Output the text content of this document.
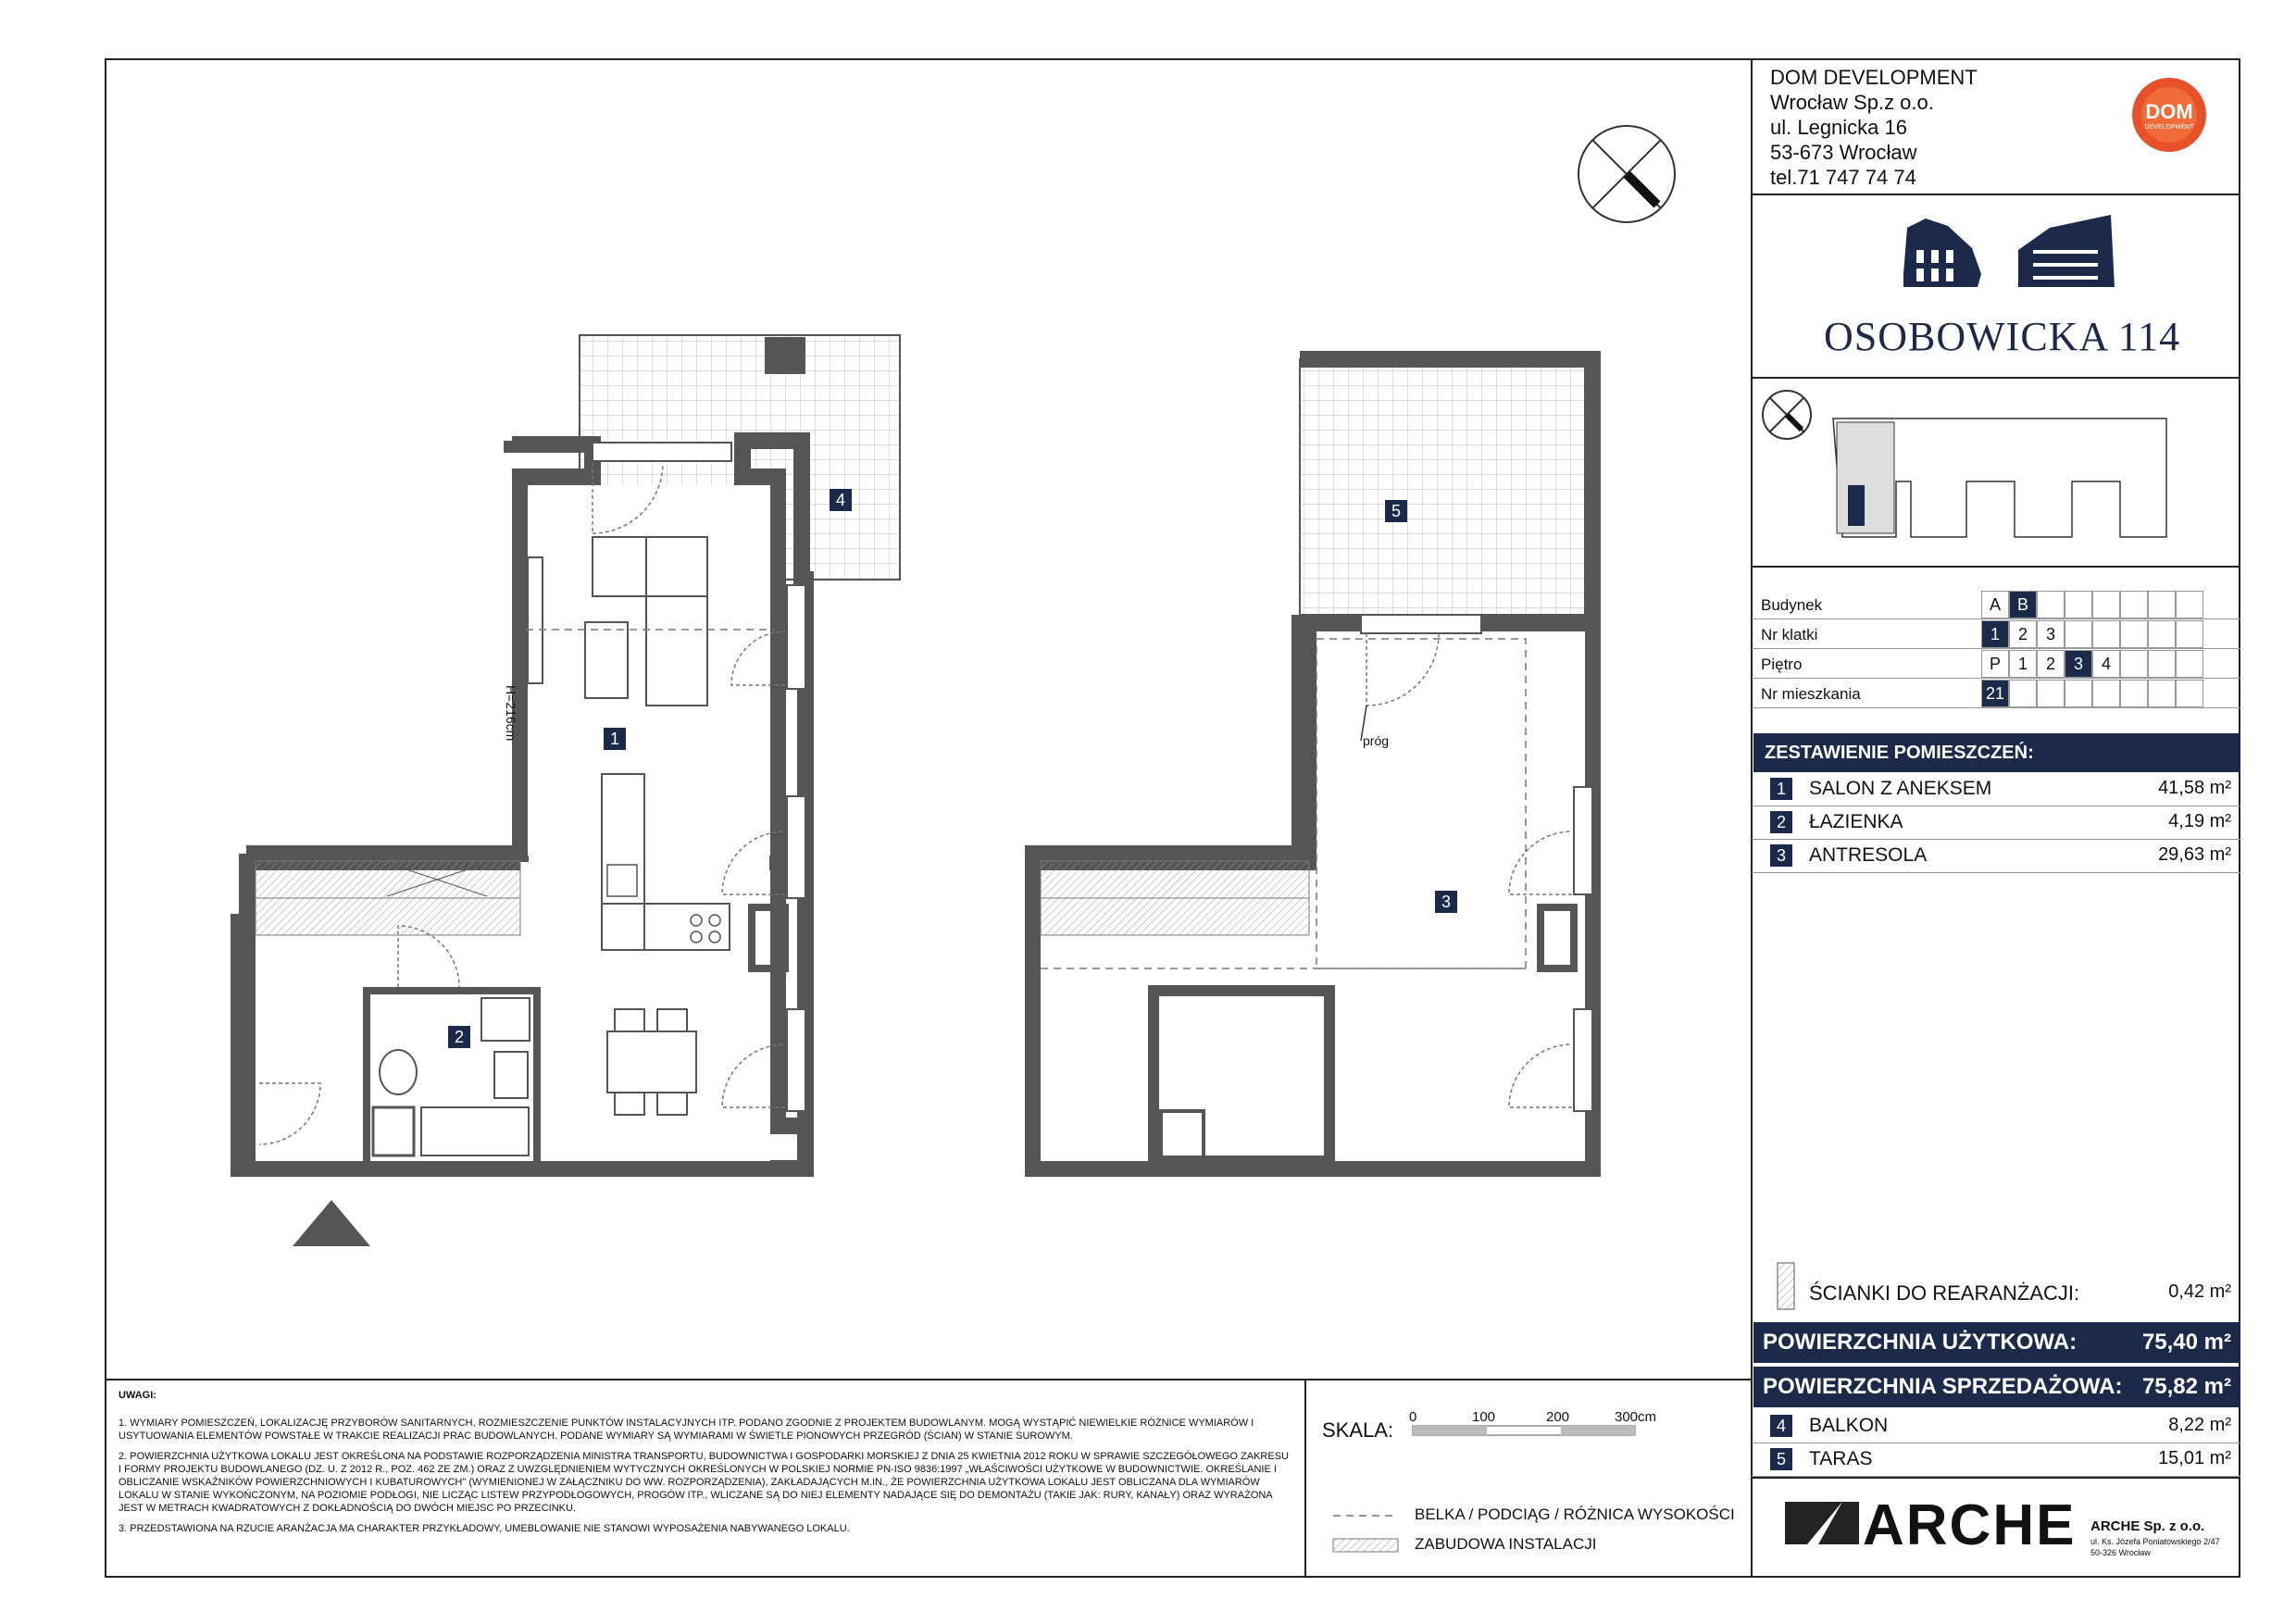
DOM DEVELOPMENT
Wrocław Sp.z o.o.
ul. Legnicka 16
53-673 Wrocław
tel.71 747 74 74
DOM
DEVELOPMENT
OSOBOWICKA 114
Budynek	A B
Nr klatki	1	2	3
Piętro	P	1	2	3	4
Nr mieszkania	21
ZESTAWIENIE POMIESZCZEŃ:
1	SALON Z ANEKSEM	41,58 m²
2	ŁAZIENKA	4,19 m²
3	ANTRESOLA	29,63 m²
ŚCIANKI DO REARANŻACJI:	0,42 m²
POWIERZCHNIA UŻYTKOWA:	75,40 m²
POWIERZCHNIA SPRZEDAŻOWA: 75,82 m²
4	BALKON	8,22 m²
5	TARAS	15,01 m²
1
2
3
4
5
H=216cm	próg
UWAGI:
1. WYMIARY POMIESZCZEŃ, LOKALIZACJĘ PRZYBORÓW SANITARNYCH, ROZMIESZCZENIE PUNKTÓW INSTALACYJNYCH ITP. PODANO ZGODNIE Z PROJEKTEM BUDOWLANYM. MOGĄ WYSTĄPIĆ NIEWIELKIE RÓŻNICE WYMIARÓW I USYTUOWANIA ELEMENTÓW POWSTAŁE W TRAKCIE REALIZACJI PRAC BUDOWLANYCH. PODANE WYMIARY SĄ WYMIARAMI W ŚWIETLE PIONOWYCH PRZEGRÓD (ŚCIAN) W STANIE SUROWYM.
2. POWIERZCHNIA UŻYTKOWA LOKALU JEST OKREŚLONA NA PODSTAWIE ROZPORZĄDZENIA MINISTRA TRANSPORTU, BUDOWNICTWA I GOSPODARKI MORSKIEJ Z DNIA 25 KWIETNIA 2012 ROKU W SPRAWIE SZCZEGÓŁOWEGO ZAKRESU I FORMY PROJEKTU BUDOWLANEGO (DZ. U. Z 2012 R., POZ. 462 ZE ZM.) ORAZ Z UWZGLĘDNIENIEM WYTYCZNYCH OKREŚLONYCH W POLSKIEJ NORMIE PN-ISO 9836:1997 „WŁAŚCIWOŚCI UŻYTKOWE W BUDOWNICTWIE. OKREŚLANIE I OBLICZANIE WSKAŹNIKÓW POWIERZCHNIOWYCH I KUBATUROWYCH" (WYMIENIONEJ W ZAŁĄCZNIKU DO WW. ROZPORZĄDZENIA), ZAKŁADAJĄCYCH M.IN., ŻE POWIERZCHNIA UŻYTKOWA LOKALU JEST OBLICZANA DLA WYMIARÓW LOKALU W STANIE WYKOŃCZONYM, NA POZIOMIE PODŁOGI, NIE LICZĄC LISTEW PRZYPODŁOGOWYCH, PROGÓW ITP., WLICZANE SĄ DO NIEJ ELEMENTY NADAJĄCE SIĘ DO DEMONTAŻU (TAKIE JAK: RURY, KANAŁY) ORAZ WYRAŻONA JEST W METRACH KWADRATOWYCH Z DOKŁADNOŚCIĄ DO DWÓCH MIEJSC PO PRZECINKU.
3. PRZEDSTAWIONA NA RZUCIE ARANŻACJA MA CHARAKTER PRZYKŁADOWY, UMEBLOWANIE NIE STANOWI WYPOSAŻENIA NABYWANEGO LOKALU.
SKALA:
0	100	200	300cm
BELKA / PODCIĄG / RÓŻNICA WYSOKOŚCI
ZABUDOWA INSTALACJI	ARCHE ARCHE Sp. z o.o.
ul. Ks. Józefa Poniatowskiego 2/47
50-326 Wrocław
